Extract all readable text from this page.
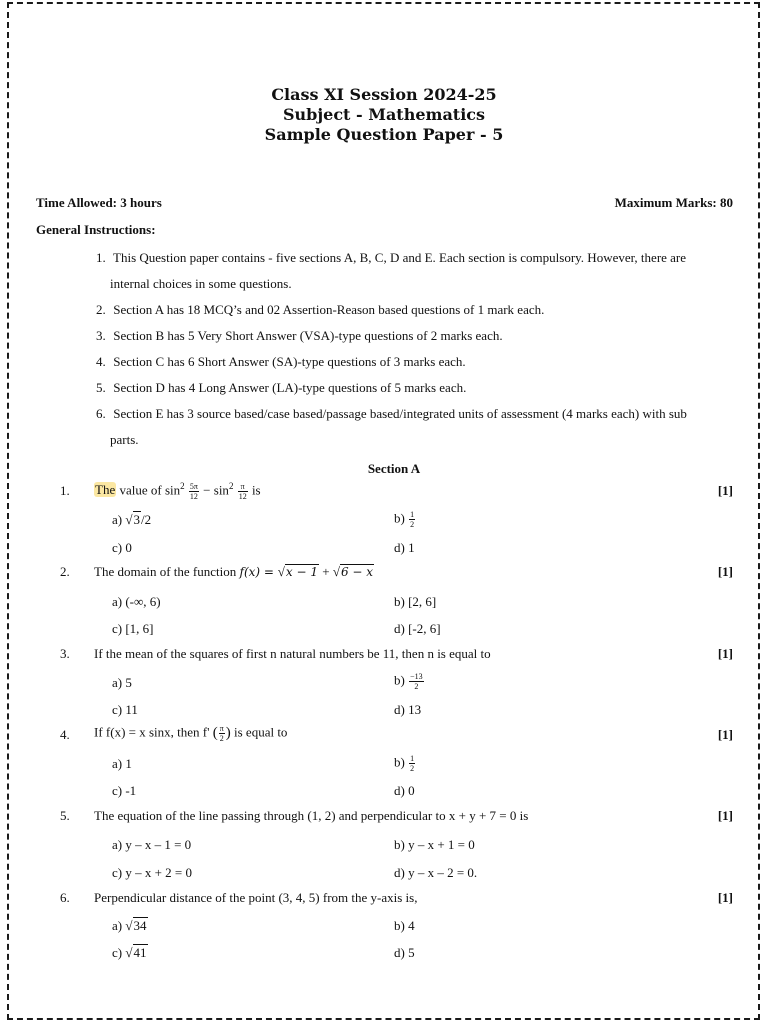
Class XI Session 2024-25
Subject - Mathematics
Sample Question Paper - 5
Time Allowed: 3 hours	Maximum Marks: 80
General Instructions:
1. This Question paper contains - five sections A, B, C, D and E. Each section is compulsory. However, there are
internal choices in some questions.
2. Section A has 18 MCQ’s and 02 Assertion-Reason based questions of 1 mark each.
3. Section B has 5 Very Short Answer (VSA)-type questions of 2 marks each.
4. Section C has 6 Short Answer (SA)-type questions of 3 marks each.
5. Section D has 4 Long Answer (LA)-type questions of 5 marks each.
6. Section E has 3 source based/case based/passage based/integrated units of assessment (4 marks each) with sub
parts.
Section A
1. The value of $\sin^2 \frac{5\pi}{12} - \sin^2 \frac{\pi}{12}$ is	[1]
a) √3/2	$b) \frac{1}{2}$
c) 0	d) 1
2. The domain of the function f(x) = √x − 1 + √6 − x	[1]
a) (-∞, 6)	b) [2, 6]
c) [1, 6]	d) [-2, 6]
3. If the mean of the squares of first n natural numbers be 11, then n is equal to	[1]
a) 5	$b) \frac{-13}{2}$
c) 11	d) 13
4. If f(x) = x sinx, then f' ( $\frac{\pi}{2}$ ) is equal to	[1]
a) 1	$b) \frac{1}{2}$
c) -1	d) 0
5. The equation of the line passing through (1, 2) and perpendicular to x + y + 7 = 0 is	[1]
a) y – x – 1 = 0	b) y – x + 1 = 0
c) y – x + 2 = 0	d) y – x – 2 = 0.
6. Perpendicular distance of the point (3, 4, 5) from the y-axis is,	[1]
a) √34	b) 4
c) √41	d) 5
